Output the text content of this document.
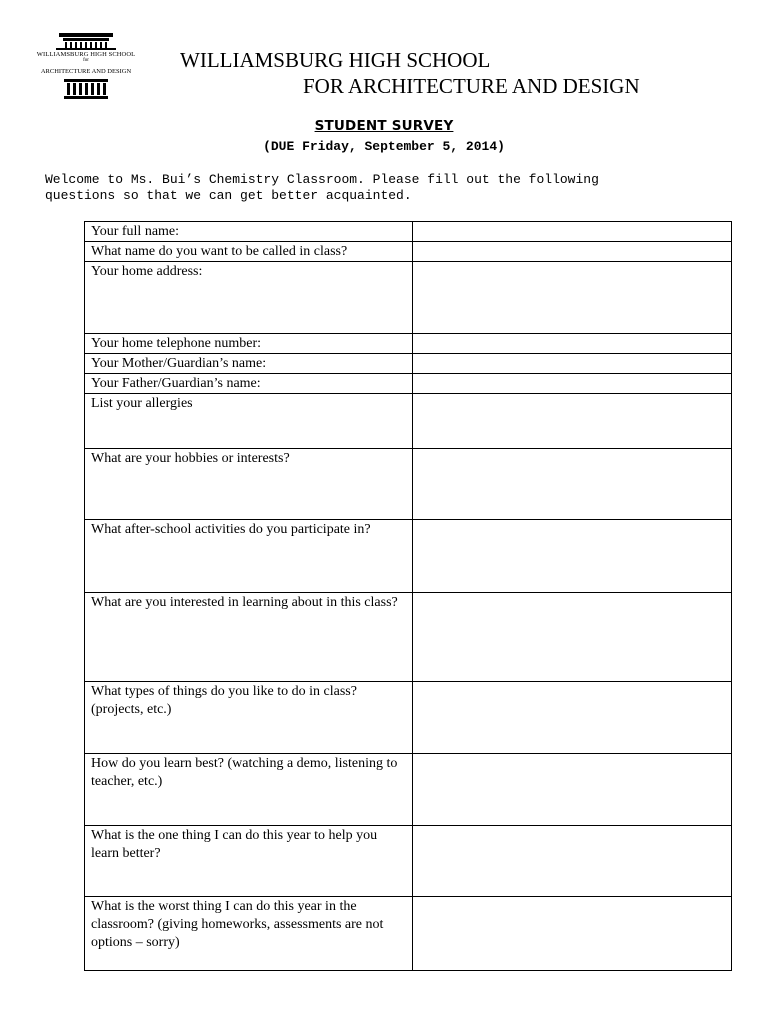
WILLIAMSBURG HIGH SCHOOL
for
ARCHITECTURE AND DESIGN	WILLIAMSBURG HIGH SCHOOL
FOR ARCHITECTURE AND DESIGN
STUDENT SURVEY
(DUE Friday, September 5, 2014)
Welcome to Ms. Bui’s Chemistry Classroom. Please fill out the following
questions so that we can get better acquainted.
Your full name:	
What name do you want to be called in class?	
Your home address:	
Your home telephone number:	
Your Mother/Guardian’s name:	
Your Father/Guardian’s name:	
List your allergies	
What are your hobbies or interests?	
What after-school activities do you participate in?	
What are you interested in learning about in this class?	
What types of things do you like to do in class? (projects, etc.)	
How do you learn best? (watching a demo, listening to teacher, etc.)	
What is the one thing I can do this year to help you learn better?	
What is the worst thing I can do this year in the classroom? (giving homeworks, assessments are not options – sorry)	
